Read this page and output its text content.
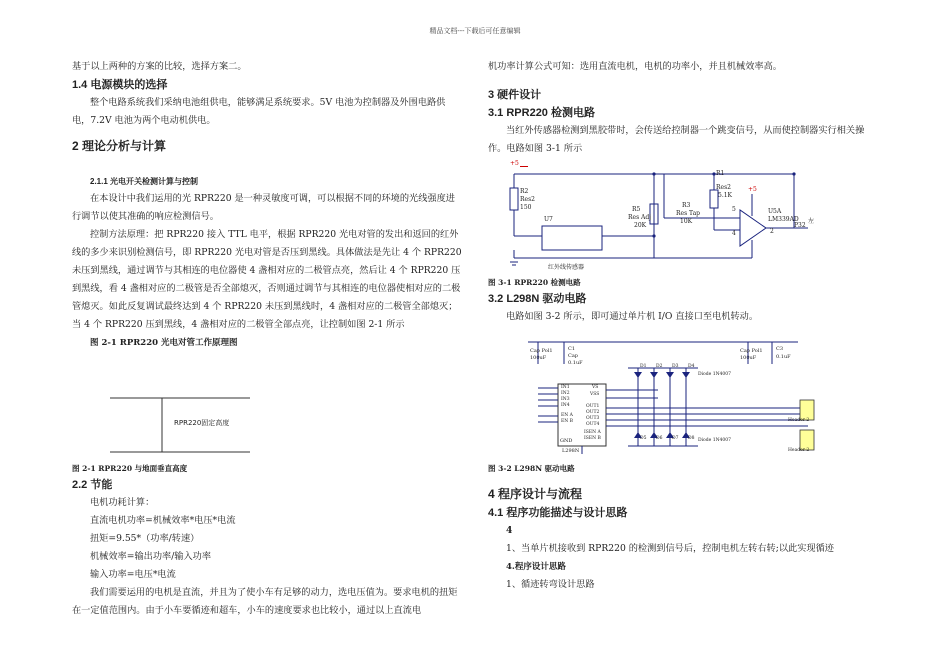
精品文档---下载后可任意编辑

基于以上两种的方案的比较，选择方案二。

1.4 电源模块的选择

整个电路系统我们采纳电池组供电，能够满足系统要求。5V 电池为控制器及外围电路供电，7.2V 电池为两个电动机供电。

2 理论分析与计算

2.1.1 光电开关检测计算与控制

在本设计中我们运用的光 RPR220 是一种灵敏度可调，可以根据不同的环境的光线强度进行调节以使其准确的响应检测信号。

控制方法原理：把 RPR220 接入 TTL 电平，根据 RPR220 光电对管的发出和返回的红外线的多少来识别检测信号，即 RPR220 光电对管是否压到黑线。具体做法是先让 4 个 RPR220 未压到黑线，通过调节与其相连的电位器使 4 盏相对应的二极管点亮，然后让 4 个 RPR220 压到黑线，看 4 盏相对应的二极管是否全部熄灭，否则通过调节与其相连的电位器使相对应的二极管熄灭。如此反复调试最终达到 4 个 RPR220 未压到黑线时，4 盏相对应的二极管全部熄灭；当 4 个 RPR220 压到黑线，4 盏相对应的二极管全部点亮，让控制如图 2-1 所示

图 2-1 RPR220 光电对管工作原理图

RPR220固定高度

图 2-1 RPR220 与地面垂直高度

2.2 节能

电机功耗计算：

直流电机功率=机械效率*电压*电流

扭矩=9.55*（功率/转速）

机械效率=输出功率/输入功率

输入功率=电压*电流

我们需要运用的电机是直流，并且为了使小车有足够的动力，选电压值为。要求电机的扭矩在一定值范围内。由于小车要循迹和超车，小车的速度要求也比较小，通过以上直流电

机功率计算公式可知：选用直流电机，电机的功率小，并且机械效率高。

3 硬件设计

3.1 RPR220 检测电路

当红外传感器检测到黑胶带时，会传送给控制器一个跳变信号，从而使控制器实行相关操作。电路如图 3-1 所示

+5
R2
Res2
150
R1
Res2
5.1K
R5
Res Adj
20K
R3
Res Tap
10K
+5
U5A
LM339AD 左
P32
U7
红外线传感器
5
4	2

图 3-1 RPR220 检测电路

3.2 L298N 驱动电路

电路如图 3-2 所示，即可通过单片机 I/O 直接口至电机转动。

Cap Pol1
100uF
C1
Cap
0.1uF
Cap Pol1
100uF
C3
0.1uF
L298N
GND
IN1
IN2
IN3
IN4
EN A
EN B
VS
VSS
OUT1
OUT2
OUT3
OUT4
ISEN A
ISEN B
D1 D2 D3 D4
D5 D6 D7 D8
Diode 1N4007
Diode 1N4007
Header 2
Header 2

图 3-2 L298N 驱动电路

4 程序设计与流程

4.1 程序功能描述与设计思路

4

1、当单片机接收到 RPR220 的检测到信号后，控制电机左转右转;以此实现循迹

4.程序设计思路

1、循迹转弯设计思路
